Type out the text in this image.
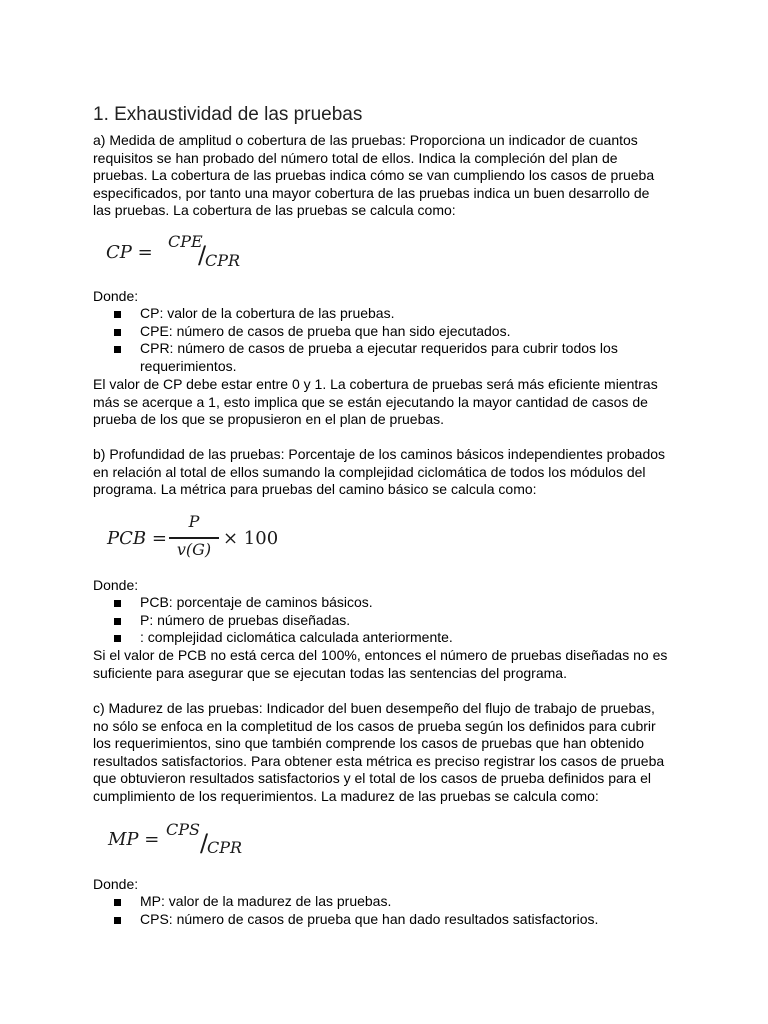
1. Exhaustividad de las pruebas

a) Medida de amplitud o cobertura de las pruebas: Proporciona un indicador de cuantos
requisitos se han probado del número total de ellos. Indica la compleción del plan de
pruebas. La cobertura de las pruebas indica cómo se van cumpliendo los casos de prueba
especificados, por tanto una mayor cobertura de las pruebas indica un buen desarrollo de
las pruebas. La cobertura de las pruebas se calcula como:

CP =
CPE
/
CPR
Donde:
CP: valor de la cobertura de las pruebas.
CPE: número de casos de prueba que han sido ejecutados.
CPR: número de casos de prueba a ejecutar requeridos para cubrir todos los
requerimientos.

El valor de CP debe estar entre 0 y 1. La cobertura de pruebas será más eficiente mientras
más se acerque a 1, esto implica que se están ejecutando la mayor cantidad de casos de
prueba de los que se propusieron en el plan de pruebas.

b) Profundidad de las pruebas: Porcentaje de los caminos básicos independientes probados
en relación al total de ellos sumando la complejidad ciclomática de todos los módulos del
programa. La métrica para pruebas del camino básico se calcula como:

PCB =
P
v(G)
× 100
Donde:
PCB: porcentaje de caminos básicos.
P: número de pruebas diseñadas.
: complejidad ciclomática calculada anteriormente.

Si el valor de PCB no está cerca del 100%, entonces el número de pruebas diseñadas no es
suficiente para asegurar que se ejecutan todas las sentencias del programa.

c) Madurez de las pruebas: Indicador del buen desempeño del flujo de trabajo de pruebas,
no sólo se enfoca en la completitud de los casos de prueba según los definidos para cubrir
los requerimientos, sino que también comprende los casos de pruebas que han obtenido
resultados satisfactorios. Para obtener esta métrica es preciso registrar los casos de prueba
que obtuvieron resultados satisfactorios y el total de los casos de prueba definidos para el
cumplimiento de los requerimientos. La madurez de las pruebas se calcula como:

MP = CPS /
CPR
Donde:
MP: valor de la madurez de las pruebas.
CPS: número de casos de prueba que han dado resultados satisfactorios.
